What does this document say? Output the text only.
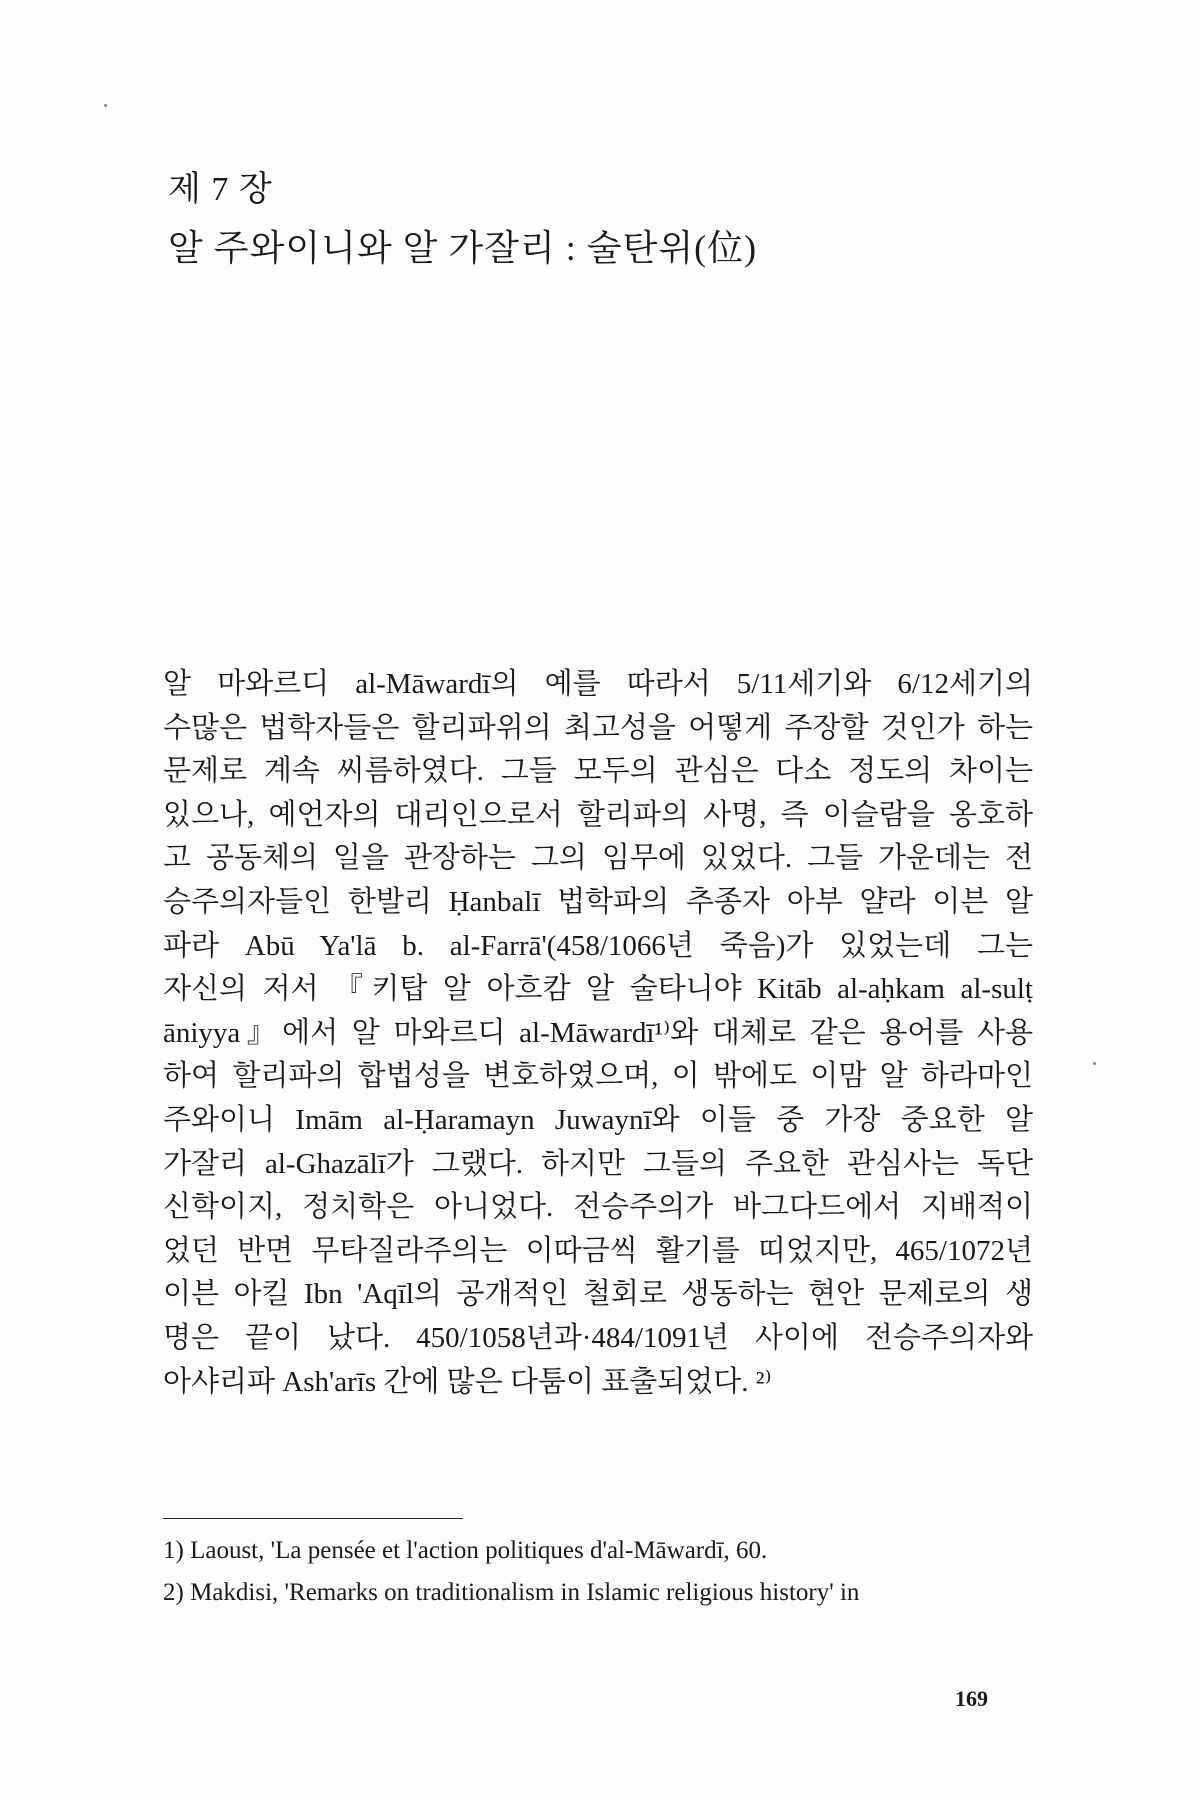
제 7 장
알 주와이니와 알 가잘리 : 술탄위(位)
알 마와르디 al-Māwardī의 예를 따라서 5/11세기와 6/12세기의
수많은 법학자들은 할리파위의 최고성을 어떻게 주장할 것인가 하는
문제로 계속 씨름하였다. 그들 모두의 관심은 다소 정도의 차이는
있으나, 예언자의 대리인으로서 할리파의 사명, 즉 이슬람을 옹호하
고 공동체의 일을 관장하는 그의 임무에 있었다. 그들 가운데는 전
승주의자들인 한발리 Ḥanbalī 법학파의 추종자 아부 얄라 이븐 알
파라 Abū Ya'lā b. al-Farrā'(458/1066년 죽음)가 있었는데 그는
자신의 저서 『키탑 알 아흐캄 알 술타니야 Kitāb al-aḥkam al-sulṭ
āniyya』에서 알 마와르디 al-Māwardī¹⁾와 대체로 같은 용어를 사용
하여 할리파의 합법성을 변호하였으며, 이 밖에도 이맘 알 하라마인
주와이니 Imām al-Ḥaramayn Juwaynī와 이들 중 가장 중요한 알
가잘리 al-Ghazālī가 그랬다. 하지만 그들의 주요한 관심사는 독단
신학이지, 정치학은 아니었다. 전승주의가 바그다드에서 지배적이
었던 반면 무타질라주의는 이따금씩 활기를 띠었지만, 465/1072년
이븐 아킬 Ibn 'Aqīl의 공개적인 철회로 생동하는 현안 문제로의 생
명은 끝이 났다. 450/1058년과·484/1091년 사이에 전승주의자와
아샤리파 Ash'arīs 간에 많은 다툼이 표출되었다. ²⁾
1) Laoust, 'La pensée et l'action politiques d'al-Māwardī, 60.
2) Makdisi, 'Remarks on traditionalism in Islamic religious history' in
169
